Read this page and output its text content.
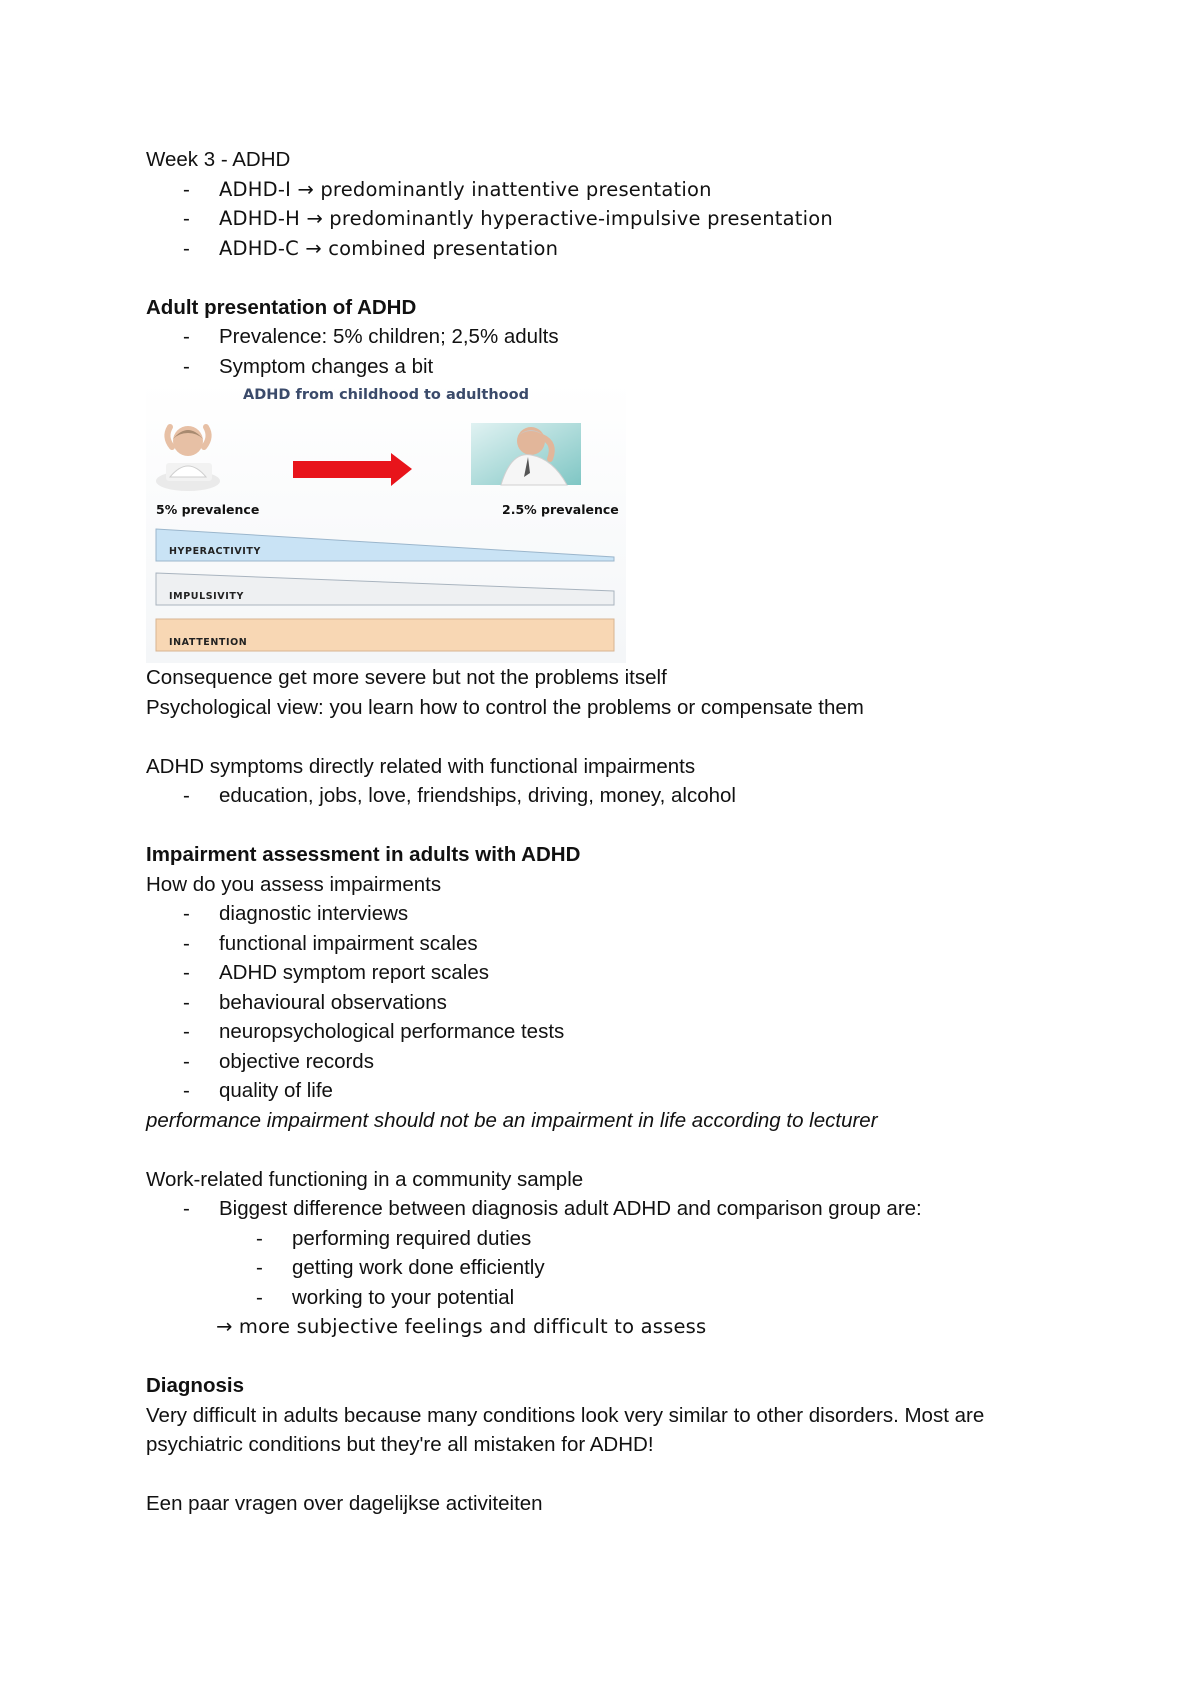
Week 3 - ADHD
- ADHD-I → predominantly inattentive presentation
- ADHD-H → predominantly hyperactive-impulsive presentation
- ADHD-C → combined presentation
Adult presentation of ADHD
- Prevalence: 5% children; 2,5% adults
- Symptom changes a bit
ADHD from childhood to adulthood
5% prevalence	2.5% prevalence
HYPERACTIVITY
IMPULSIVITY
INATTENTION
Consequence get more severe but not the problems itself
Psychological view: you learn how to control the problems or compensate them
ADHD symptoms directly related with functional impairments
- education, jobs, love, friendships, driving, money, alcohol
Impairment assessment in adults with ADHD
How do you assess impairments
- diagnostic interviews
- functional impairment scales
- ADHD symptom report scales
- behavioural observations
- neuropsychological performance tests
- objective records
- quality of life
performance impairment should not be an impairment in life according to lecturer
Work-related functioning in a community sample
- Biggest difference between diagnosis adult ADHD and comparison group are:
- performing required duties
- getting work done efficiently
- working to your potential
→ more subjective feelings and difficult to assess
Diagnosis
Very difficult in adults because many conditions look very similar to other disorders. Most are psychiatric conditions but they're all mistaken for ADHD!
Een paar vragen over dagelijkse activiteiten
